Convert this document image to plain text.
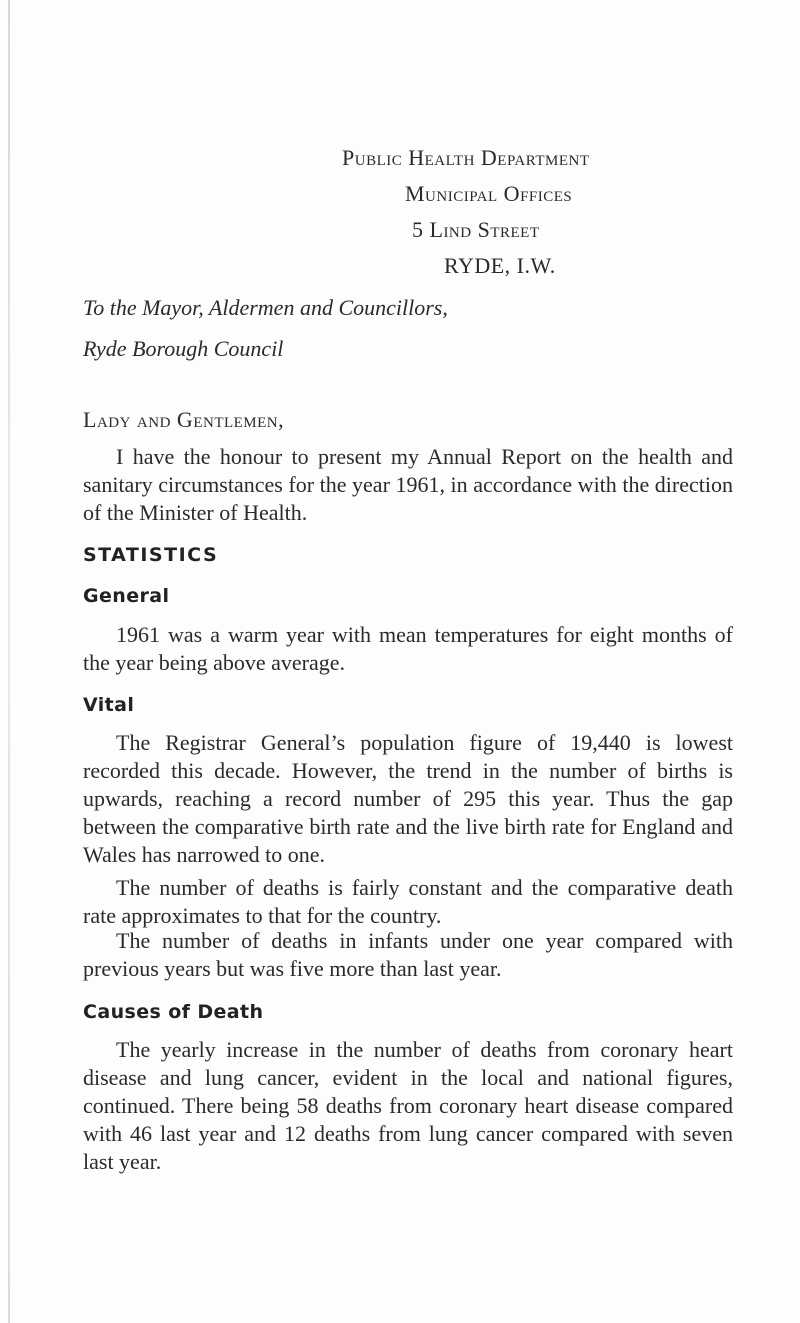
Public Health Department
Municipal Offices
5 Lind Street
RYDE, I.W.
To the Mayor, Aldermen and Councillors,
Ryde Borough Council
Lady and Gentlemen,

I have the honour to present my Annual Report on the health and sanitary circumstances for the year 1961, in accordance with the direction of the Minister of Health.

STATISTICS
General

1961 was a warm year with mean temperatures for eight months of the year being above average.

Vital

The Registrar General’s population figure of 19,440 is lowest recorded this decade. However, the trend in the number of births is upwards, reaching a record number of 295 this year. Thus the gap between the comparative birth rate and the live birth rate for England and Wales has narrowed to one.

The number of deaths is fairly constant and the comparative death rate approximates to that for the country.

The number of deaths in infants under one year compared with previous years but was five more than last year.

Causes of Death

The yearly increase in the number of deaths from coronary heart disease and lung cancer, evident in the local and national figures, continued. There being 58 deaths from coronary heart disease compared with 46 last year and 12 deaths from lung cancer compared with seven last year.
